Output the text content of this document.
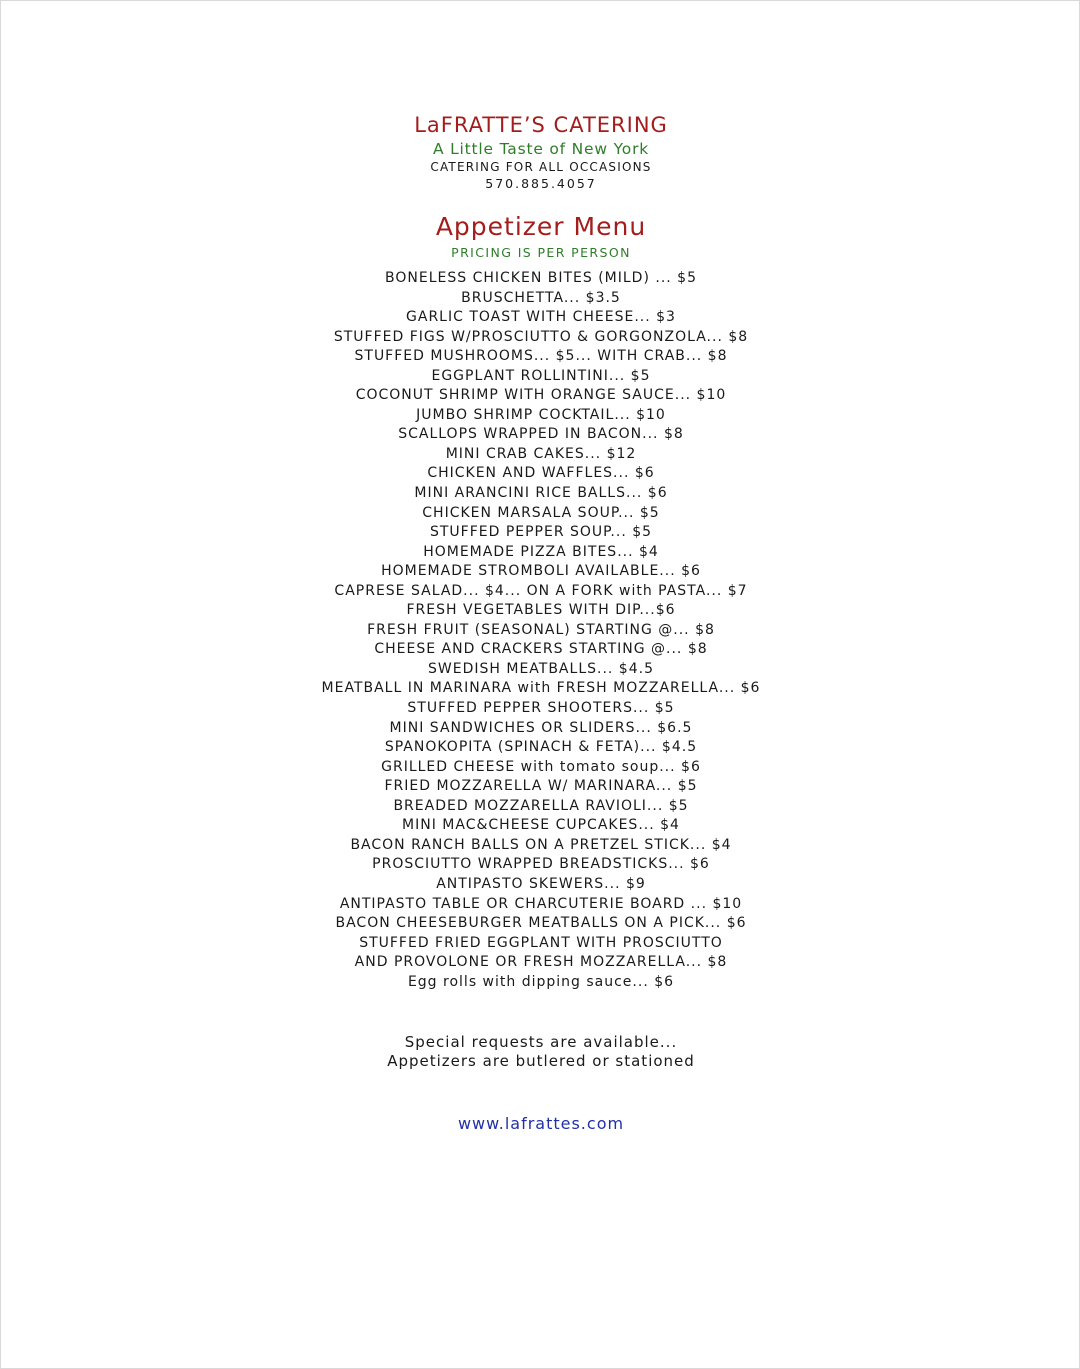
LaFRATTE’S CATERING
A Little Taste of New York
CATERING FOR ALL OCCASIONS
570.885.4057
Appetizer Menu
PRICING IS PER PERSON
BONELESS CHICKEN BITES (MILD) ... $5
BRUSCHETTA... $3.5
GARLIC TOAST WITH CHEESE... $3
STUFFED FIGS W/PROSCIUTTO & GORGONZOLA... $8
STUFFED MUSHROOMS... $5... WITH CRAB... $8
EGGPLANT ROLLINTINI... $5
COCONUT SHRIMP WITH ORANGE SAUCE... $10
JUMBO SHRIMP COCKTAIL... $10
SCALLOPS WRAPPED IN BACON... $8
MINI CRAB CAKES... $12
CHICKEN AND WAFFLES... $6
MINI ARANCINI RICE BALLS... $6
CHICKEN MARSALA SOUP... $5
STUFFED PEPPER SOUP... $5
HOMEMADE PIZZA BITES... $4
HOMEMADE STROMBOLI AVAILABLE... $6
CAPRESE SALAD... $4... ON A FORK with PASTA... $7
FRESH VEGETABLES WITH DIP...$6
FRESH FRUIT (SEASONAL) STARTING @... $8
CHEESE AND CRACKERS STARTING @... $8
SWEDISH MEATBALLS... $4.5
MEATBALL IN MARINARA with FRESH MOZZARELLA... $6
STUFFED PEPPER SHOOTERS... $5
MINI SANDWICHES OR SLIDERS... $6.5
SPANOKOPITA (SPINACH & FETA)... $4.5
GRILLED CHEESE with tomato soup... $6
FRIED MOZZARELLA W/ MARINARA... $5
BREADED MOZZARELLA RAVIOLI... $5
MINI MAC&CHEESE CUPCAKES... $4
BACON RANCH BALLS ON A PRETZEL STICK... $4
PROSCIUTTO WRAPPED BREADSTICKS... $6
ANTIPASTO SKEWERS... $9
ANTIPASTO TABLE OR CHARCUTERIE BOARD ... $10
BACON CHEESEBURGER MEATBALLS ON A PICK... $6
STUFFED FRIED EGGPLANT WITH PROSCIUTTO
AND PROVOLONE OR FRESH MOZZARELLA... $8
Egg rolls with dipping sauce... $6
Special requests are available...
Appetizers are butlered or stationed
www.lafrattes.com
